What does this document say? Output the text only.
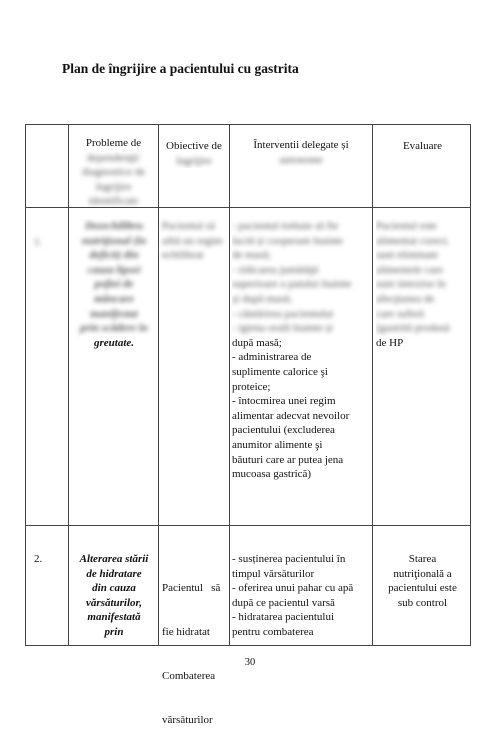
Plan de îngrijire a pacientului cu gastrita
Probleme de
dependenţă/
diagnostice de
îngrijire
identificate
Obiective de
îngrijire
Ȋnterventii delegate și
autonome
Evaluare
1.
Dezechilibru
nutriţional (în
deficit) din
cauza lipsei
poftei de
mâncare
manifestat
prin scădere în
greutate.
Pacientul să
aibă un regim
echilibrat
- pacientul trebuie să fie
lucid și cooperant înainte
de masă;
- ridicarea jumătăţii
superioare a patului înainte
și după masă;
- cântărirea pacientului
- igiena orală înainte și
după masă;
- administrarea de
suplimente calorice şi
proteice;
- întocmirea unei regim
alimentar adecvat nevoilor
pacientului (excluderea
anumitor alimente şi
băuturi care ar putea jena
mucoasa gastrică)
Pacientul este
alimentat corect,
sunt eliminate
alimentele care
sunt interzise în
afecţiunea de
care suferă
(gastrită produsă
de HP
2.	Alterarea stării
de hidratare
din cauza
vărsăturilor,
manifestată
prin

Pacientul   să

fie hidratat

Combaterea

vărsăturilor

- susținerea pacientului în
timpul vărsăturilor
- oferirea unui pahar cu apă
după ce pacientul varsă
- hidratarea pacientului
pentru combaterea
Starea
nutriţională a
pacientului este
sub control
30
